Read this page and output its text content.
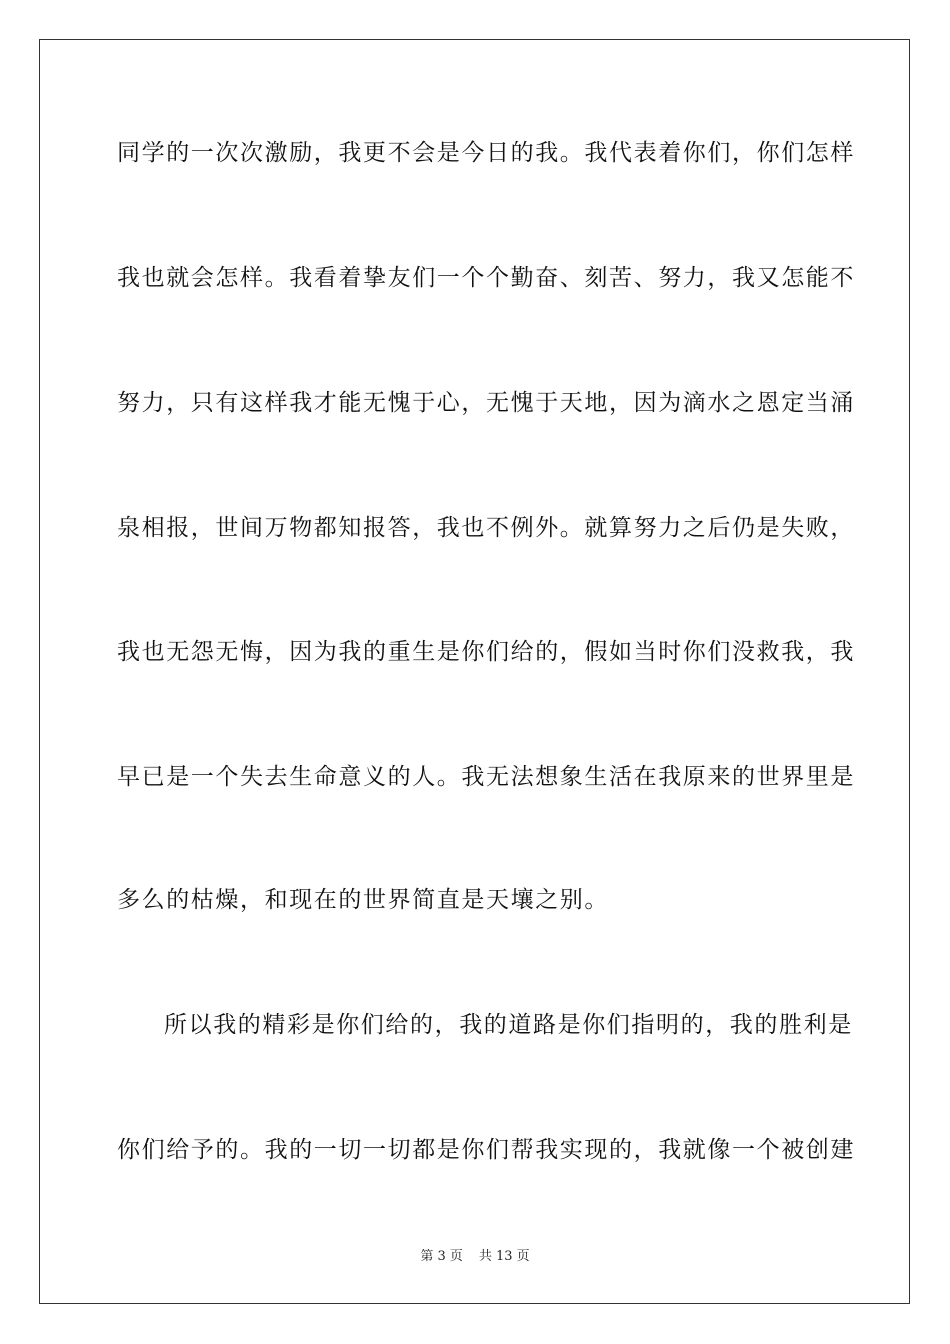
同学的一次次激励，我更不会是今日的我。我代表着你们，你们怎样
我也就会怎样。我看着挚友们一个个勤奋、刻苦、努力，我又怎能不
努力，只有这样我才能无愧于心，无愧于天地，因为滴水之恩定当涌
泉相报，世间万物都知报答，我也不例外。就算努力之后仍是失败，
我也无怨无悔，因为我的重生是你们给的，假如当时你们没救我，我
早已是一个失去生命意义的人。我无法想象生活在我原来的世界里是
多么的枯燥，和现在的世界简直是天壤之别。
所以我的精彩是你们给的，我的道路是你们指明的，我的胜利是
你们给予的。我的一切一切都是你们帮我实现的，我就像一个被创建
第 3 页 共 13 页
